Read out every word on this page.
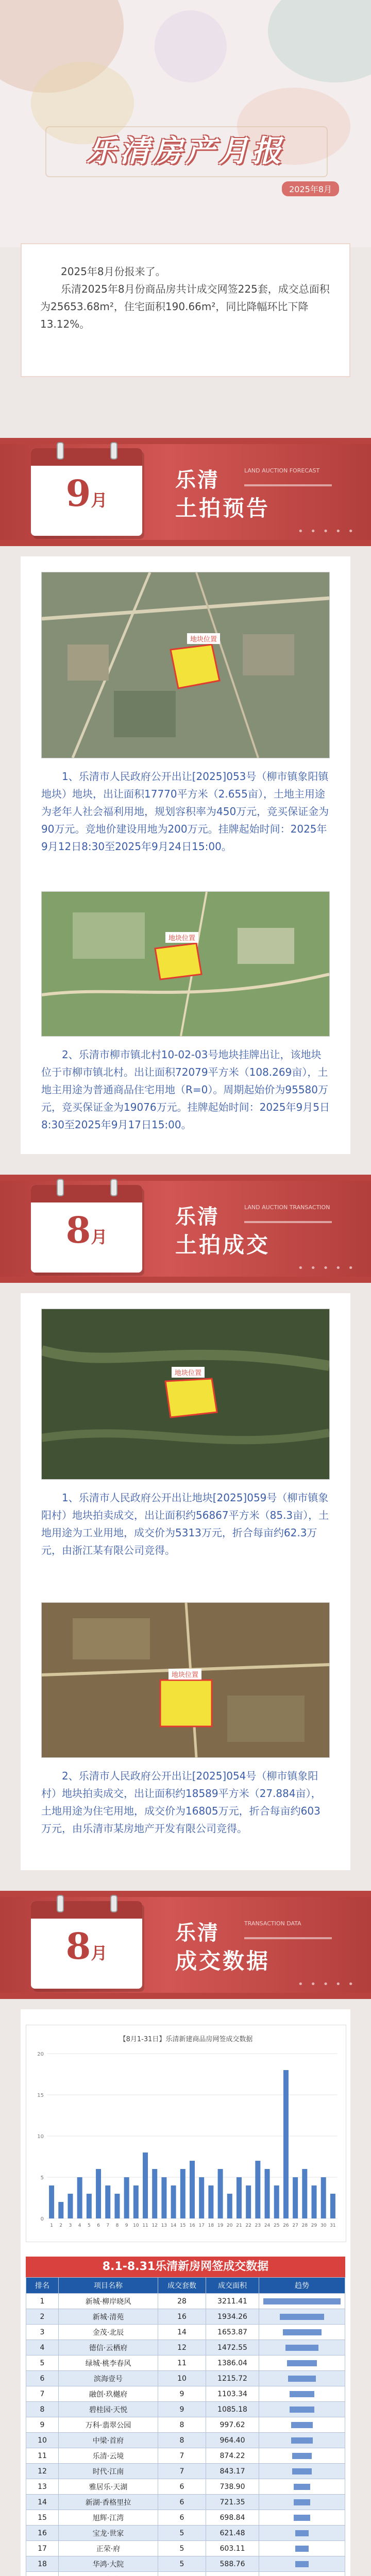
乐清房产月报
2025年8月
2025年8月份报来了。
乐清2025年8月份商品房共计成交网签225套，成交总面积为25653.68m²，住宅面积190.66m²，同比降幅环比下降13.12%。
9月
乐清	LAND AUCTION FORECAST
土拍预告
• • • • •
地块位置

1、乐清市人民政府公开出让[2025]053号（柳市镇象阳镇地块）地块，出让面积17770平方米（2.655亩），土地主用途为老年人社会福利用地，规划容积率为450万元，竞买保证金为90万元。竞地价建设用地为200万元。挂牌起始时间：2025年9月12日8:30至2025年9月24日15:00。

地块位置

2、乐清市柳市镇北村10-02-03号地块挂牌出让，该地块位于市柳市镇北村。出让面积72079平方米（108.269亩），土地主用途为普通商品住宅用地（R=0）。周期起始价为95580万元，竞买保证金为19076万元。挂牌起始时间：2025年9月5日8:30至2025年9月17日15:00。

8月
乐清	LAND AUCTION TRANSACTION
土拍成交
• • • • •
地块位置

1、乐清市人民政府公开出让地块[2025]059号（柳市镇象阳村）地块拍卖成交，出让面积约56867平方米（85.3亩），土地用途为工业用地，成交价为5313万元，折合每亩约62.3万元，由浙江某有限公司竞得。

地块位置

2、乐清市人民政府公开出让[2025]054号（柳市镇象阳村）地块拍卖成交，出让面积约18589平方米（27.884亩），土地用途为住宅用地，成交价为16805万元，折合每亩约603万元，由乐清市某房地产开发有限公司竞得。

8月
乐清	TRANSACTION DATA
成交数据
• • • • •
【8月1-31日】乐清新建商品房网签成交数据
0
5
10
15
20
1 2 3 4 5 6 7 8 9 10 11 12 13 14 15 16 17 18 19 20 21 22 23 24 25 26 27 28 29 30 31
8.1-8.31乐清新房网签成交数据
排名	项目名称	成交套数	成交面积	趋势
1	新城·柳岸晓风	28	3211.41	
2	新城·清苑	16	1934.26	
3	金茂·北辰	14	1653.87	
4	德信·云栖府	12	1472.55	
5	绿城·桃李春风	11	1386.04	
6	滨海壹号	10	1215.72	
7	融创·玖樾府	9	1103.34	
8	碧桂园·天悦	9	1085.18	
9	万科·翡翠公园	8	997.62	
10	中梁·首府	8	964.40	
11	乐清·云境	7	874.22	
12	时代·江南	7	843.17	
13	雅居乐·天湖	6	738.90	
14	新湖·香格里拉	6	721.35	
15	旭辉·江湾	6	698.84	
16	宝龙·世家	5	621.48	
17	正荣·府	5	603.11	
18	华鸿·大院	5	588.76	
